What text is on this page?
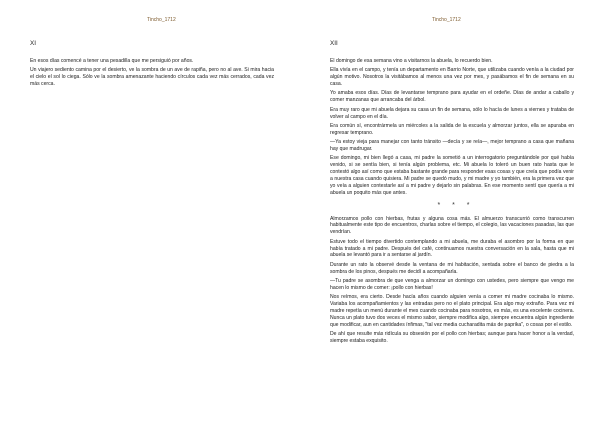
Tincho_1712
XI

En esos días comencé a tener una pesadilla que me persiguió por años.

Un viajero sediento camina por el desierto, ve la sombra de un ave de rapiña, pero no al ave. Si mira hacia el cielo el sol lo ciega. Sólo ve la sombra amenazante haciendo círculos cada vez más cerrados, cada vez más cerca.

Tincho_1712
XII

El domingo de esa semana vino a visitarnos la abuela, lo recuerdo bien.

Ella vivía en el campo, y tenía un departamento en Barrio Norte, que utilizaba cuando venía a la ciudad por algún motivo. Nosotros la visitábamos al menos una vez por mes, y pasábamos el fin de semana en su casa.

Yo amaba esos días. Días de levantarse temprano para ayudar en el ordeñe. Días de andar a caballo y comer manzanas que arrancaba del árbol.

Era muy raro que mi abuela dejara su casa un fin de semana, sólo lo hacía de lunes a viernes y trataba de volver al campo en el día.

Era común sí, encontrármela un miércoles a la salida de la escuela y almorzar juntos, ella se apuraba en regresar temprano.

—Ya estoy vieja para manejar con tanto tránsito —decía y se reía—, mejor temprano a casa que mañana hay que madrugar.

Ese domingo, mi bien llegó a casa, mi padre la sometió a un interrogatorio preguntándole por qué había venido, si se sentía bien, si tenía algún problema, etc. Mi abuela lo toleró un buen rato hasta que le contestó algo así como que estaba bastante grande para responder esas cosas y que creía que podía venir a nuestra casa cuando quisiera. Mi padre se quedó mudo, y mi madre y yo también, era la primera vez que yo veía a alguien contestarle así a mi padre y dejarlo sin palabras. En ese momento sentí que quería a mi abuela un poquito más que antes.

* * *

Almorzamos pollo con hierbas, frutas y alguna cosa más. El almuerzo transcurrió como transcurren habitualmente este tipo de encuentros, charlas sobre el tiempo, el colegio, las vacaciones pasadas, las que vendrían.

Estuve todo el tiempo divertido contemplando a mi abuela, me duraba el asombro por la forma en que había tratado a mi padre. Después del café, continuamos nuestra conversación en la sala, hasta que mi abuela se levantó para ir a sentarse al jardín.

Durante un rato la observé desde la ventana de mi habitación, sentada sobre el banco de piedra a la sombra de los pinos, después me decidí a acompañarla.

—Tu padre se asombra de que venga a almorzar un domingo con ustedes, pero siempre que vengo me hacen lo mismo de comer: ¡pollo con hierbas!

Nos reímos, era cierto. Desde hacía años cuando alguien venía a comer mi madre cocinaba lo mismo. Variaba los acompañamientos y las entradas pero no el plato principal. Era algo muy extraño. Para vez mi madre repetía un menú durante el mes cuando cocinaba para nosotros, es más, es una excelente cocinera. Nunca un plato tuvo dos veces el mismo sabor, siempre modifica algo, siempre encuentra algún ingrediente que modificar, aun en cantidades ínfimas, "tal vez media cucharadita más de paprika", o cosas por el estilo.

De ahí que resulte más ridícula su obsesión por el pollo con hierbas; aunque para hacer honor a la verdad, siempre estaba exquisito.
